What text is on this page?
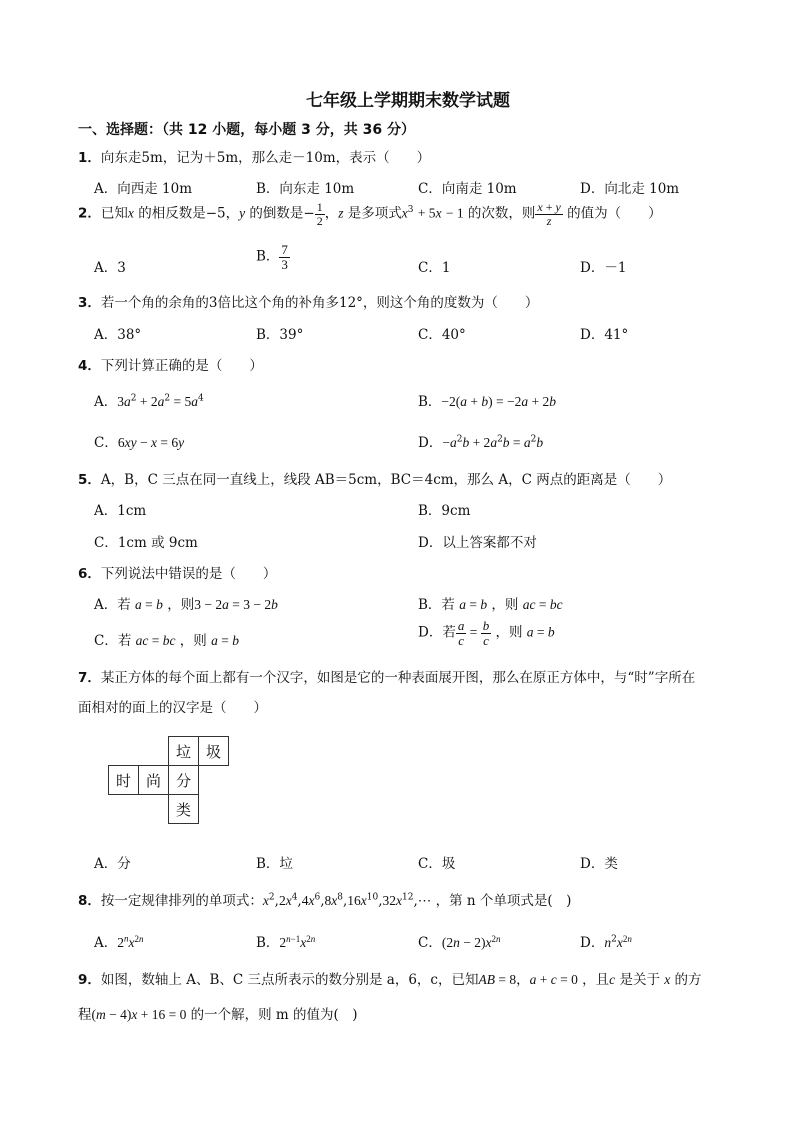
七年级上学期期末数学试题
一、选择题：（共 12 小题，每小题 3 分，共 36 分）
1．向东走5m，记为＋5m，那么走－10m，表示（　　）
A．向西走 10m	B．向东走 10m	C．向南走 10m	D．向北走 10m
2．已知x 的相反数是−5，y 的倒数是− $\frac{1}{2}$ ，z 是多项式$x^3 + 5x - 1$ 的次数，则 $\frac{x + y}{z}$ 的值为（　　）
A．3
B． $\frac{7}{3}$	C．1	D．－1
3．若一个角的余角的3倍比这个角的补角多12°，则这个角的度数为（　　）
A．38°	B．39°	C．40°	D．41°
4．下列计算正确的是（　　）
A．$3a^2 + 2a^2 = 5a^4$	B．−2(a + b) = −2a + 2b
C．6xy − x = 6y	D．$-a^2b + 2a^2b = a^2b$
5．A，B，C 三点在同一直线上，线段 AB＝5cm，BC＝4cm，那么 A，C 两点的距离是（　　）
A．1cm	B．9cm
C．1cm 或 9cm	D．以上答案都不对
6．下列说法中错误的是（　　）
A．若 a = b ，则3 − 2a = 3 − 2b	B．若 a = b ，则 ac = bc
C．若 ac = bc ，则 a = b	D．若 $\frac{a}{c} = \frac{b}{c}$ ，则 a = b
7．某正方体的每个面上都有一个汉字，如图是它的一种表面展开图，那么在原正方体中，与“时”字所在
面相对的面上的汉字是（　　）
		垃	圾
时	尚	分	
		类	
A．分	B．垃	C．圾	D．类
8．按一定规律排列的单项式：$x^2,2x^4,4x^6,8x^8,16x^{10},32x^{12},\cdots$ ，第 n 个单项式是(　)
A．$2^nx^{2n}$	B．$2^{n-1}x^{2n}$	C．$(2n - 2)x^{2n}$	D．$n^2x^{2n}$
9．如图，数轴上 A、B、C 三点所表示的数分别是 a，6，c，已知AB = 8，a + c = 0 ，且c 是关于 x 的方
程(m − 4)x + 16 = 0 的一个解，则 m 的值为(　)
